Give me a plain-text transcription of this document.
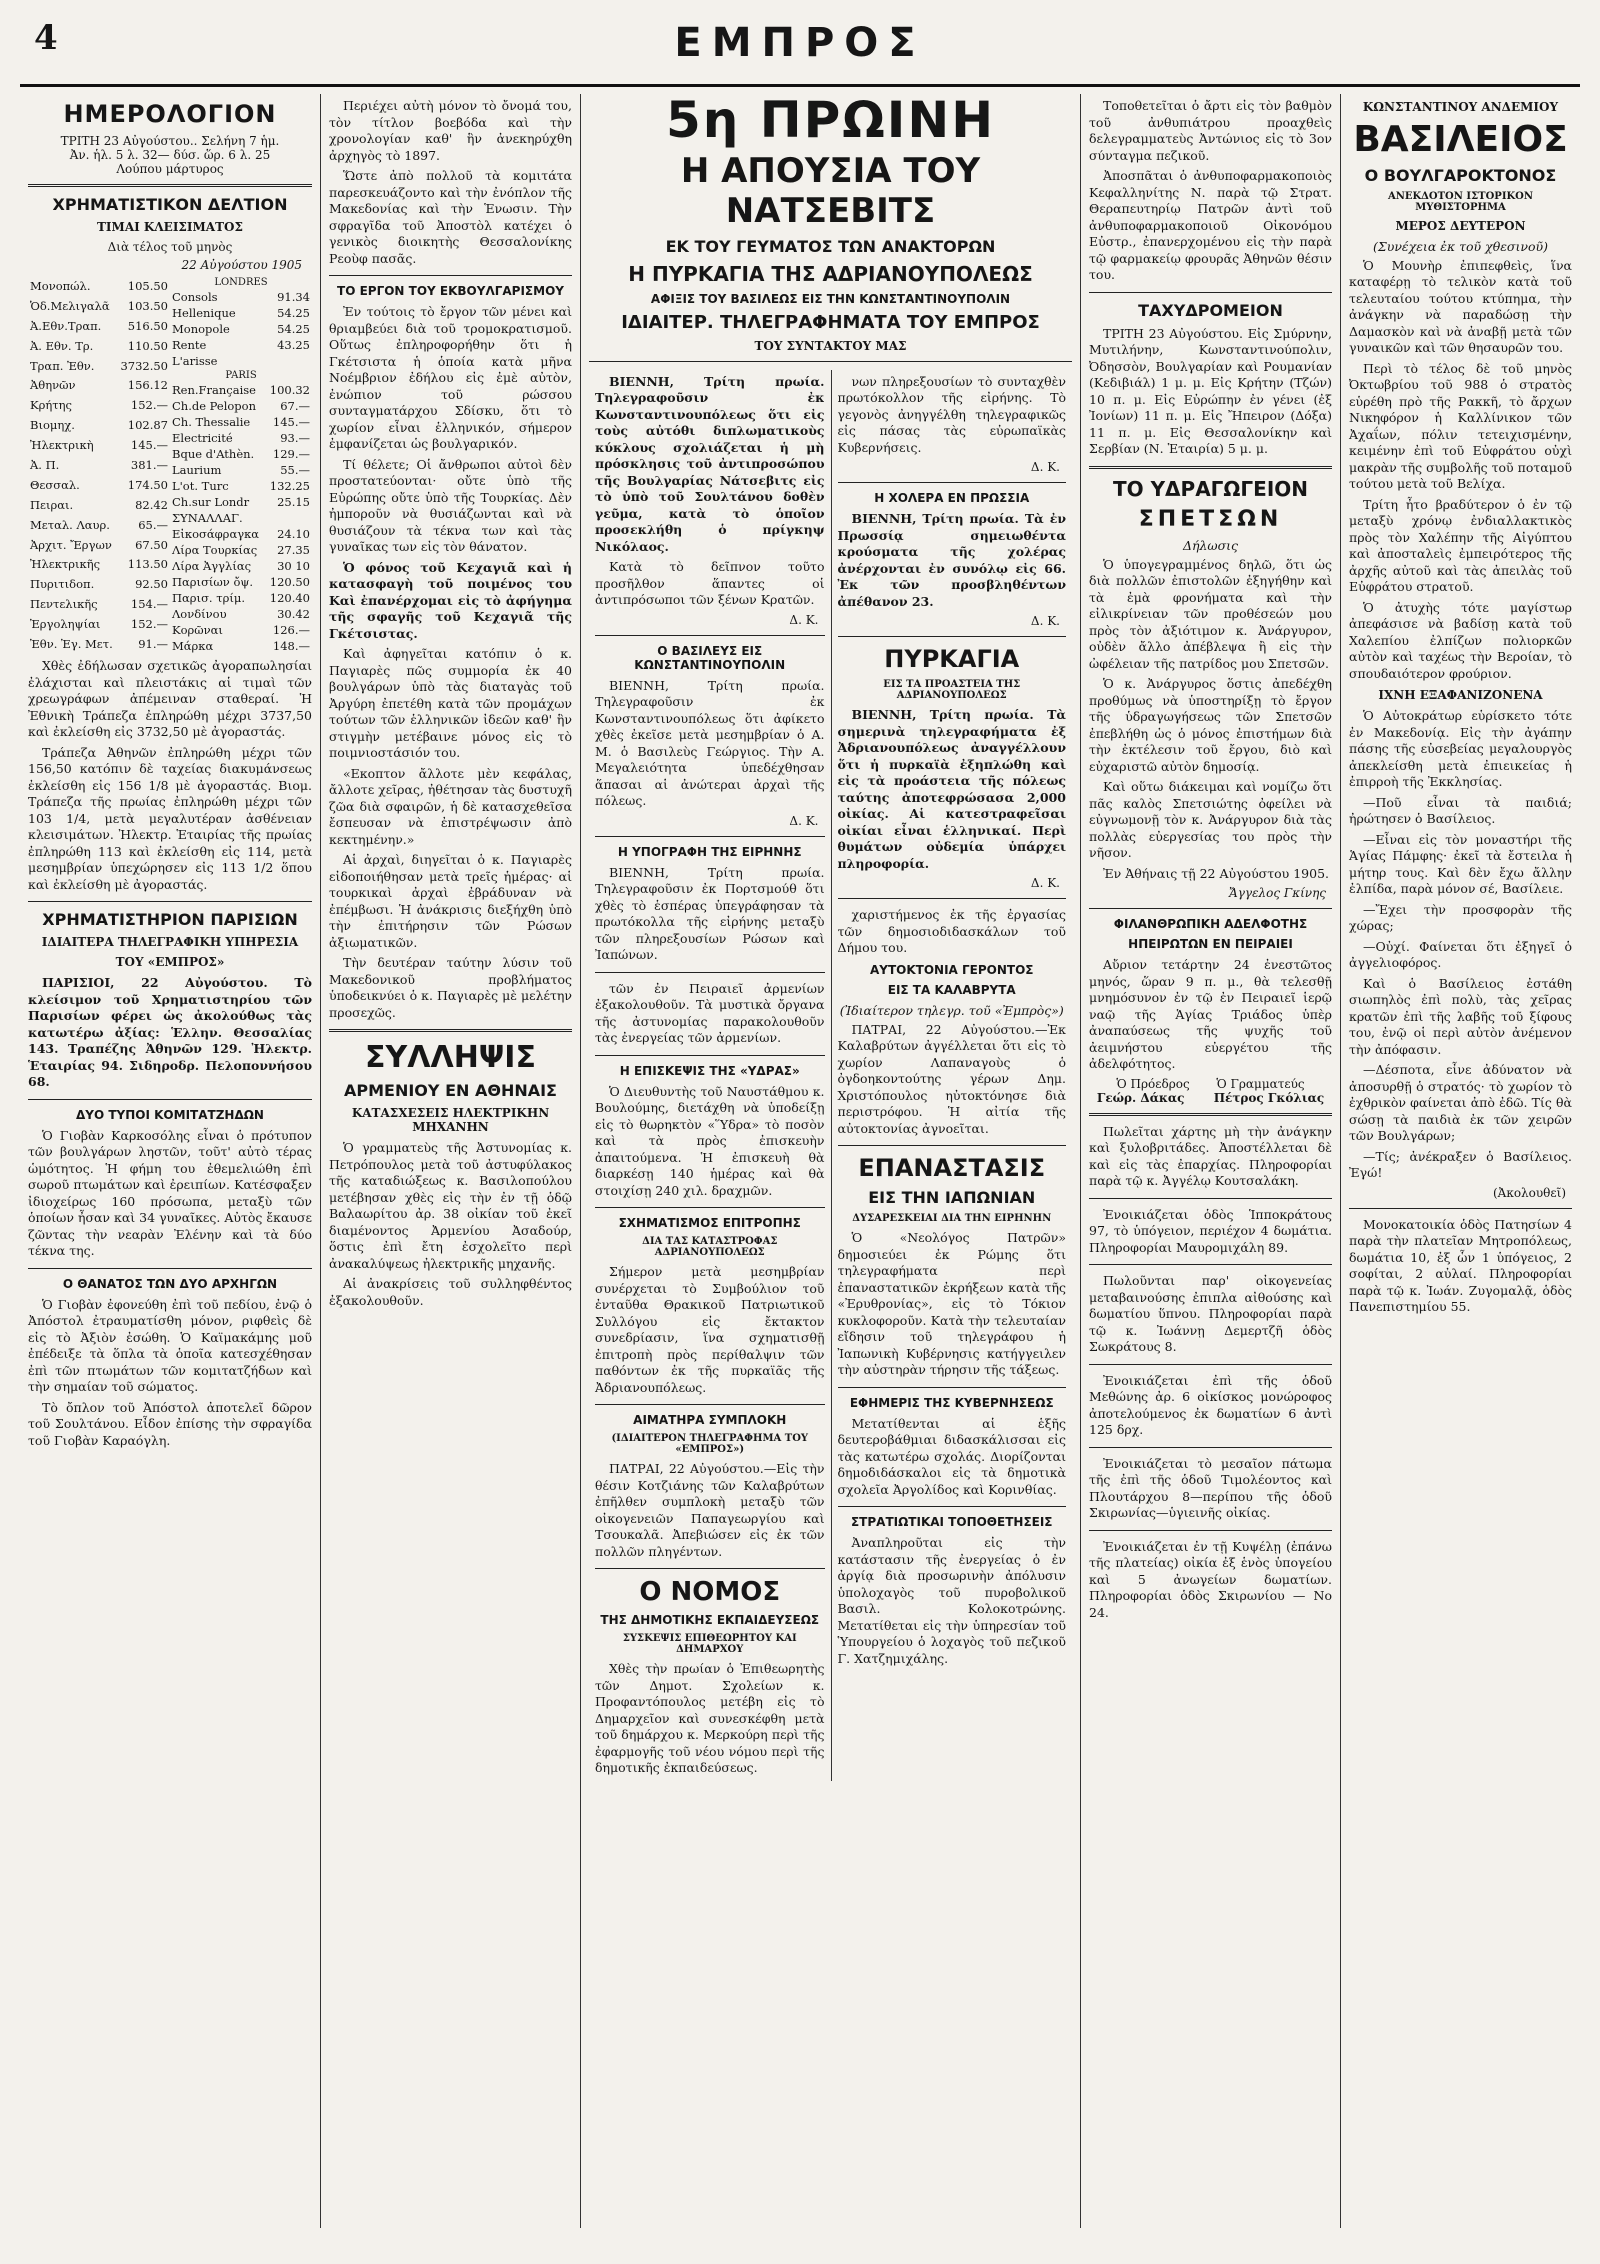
4	ΕΜΠΡΟΣ
ΗΜΕΡΟΛΟΓΙΟΝ
ΤΡΙΤΗ 23 Αὐγούστου.. Σελήνη 7 ἡμ.
Ἀν. ἡλ. 5 λ. 32— δύσ. ὥρ. 6 λ. 25
Λούπου μάρτυρος
ΧΡΗΜΑΤΙΣΤΙΚΟΝ ΔΕΛΤΙΟΝ
ΤΙΜΑΙ ΚΛΕΙΣΙΜΑΤΟΣ
Διὰ τέλος τοῦ μηνὸς
22 Αὐγούστου 1905
Μονοπώλ.	105.50
Ὁδ.Μελιγαλᾶ	103.50
Ἀ.Εθν.Τραπ.	516.50
Ἀ. Εθν. Τρ.	110.50
Τραπ. Ἐθν.	3732.50
Ἀθηνῶν	156.12
Κρήτης	152.—
Βιομηχ.	102.87
Ἠλεκτρικὴ	145.—
Ἀ. Π.	381.—
Θεσσαλ.	174.50
Πειραι.	82.42
Μεταλ. Λαυρ.	65.—
Ἀρχιτ. Ἔργων	67.50
Ἠλεκτρικῆς	113.50
Πυριτιδοπ.	92.50
Πεντελικῆς	154.—
Ἐργοληψίαι	152.—
Ἐθν. Ἐγ. Μετ.	91.—
LONDRES	
Consols	91.34
Hellenique	54.25
Monopole	54.25
Rente	43.25
L'arisse	
PARIS	
Ren.Française	100.32
Ch.de Pelopon	67.—
Ch. Thessalie	145.—
Electricité	93.—
Bque d'Athèn.	129.—
Laurium	55.—
L'ot. Turc	132.25
Ch.sur Londr	25.15
ΣΥΝΑΛΛΑΓ.	
Εἰκοσάφραγκα	24.10
Λίρα Τουρκίας	27.35
Λίρα Ἀγγλίας	30 10
Παρισίων ὄψ.	120.50
Παρισ. τρίμ.	120.40
Λονδίνου	30.42
Κορῶναι	126.—
Μάρκα	148.—
Χθὲς ἐδήλωσαν σχετικῶς ἀγοραπωλησίαι ἐλάχισται καὶ πλειστάκις αἱ τιμαὶ τῶν χρεωγράφων ἀπέμειναν σταθεραί. Ἡ Ἐθνικὴ Τράπεζα ἐπληρώθη μέχρι 3737,50 καὶ ἐκλείσθη εἰς 3732,50 μὲ ἀγοραστάς.
Τράπεζα Ἀθηνῶν ἐπληρώθη μέχρι τῶν 156,50 κατόπιν δὲ ταχείας διακυμάνσεως ἐκλείσθη εἰς 156 1/8 μὲ ἀγοραστάς. Βιομ. Τράπεζα τῆς πρωίας ἐπληρώθη μέχρι τῶν 103 1/4, μετὰ μεγαλυτέραν ἀσθένειαν κλεισιμάτων. Ἠλεκτρ. Ἑταιρίας τῆς πρωίας ἐπληρώθη 113 καὶ ἐκλείσθη εἰς 114, μετὰ μεσημβρίαν ὑπεχώρησεν εἰς 113 1/2 ὅπου καὶ ἐκλείσθη μὲ ἀγοραστάς.
ΧΡΗΜΑΤΙΣΤΗΡΙΟΝ ΠΑΡΙΣΙΩΝ
ΙΔΙΑΙΤΕΡΑ ΤΗΛΕΓΡΑΦΙΚΗ ΥΠΗΡΕΣΙΑ
ΤΟΥ «ΕΜΠΡΟΣ»
ΠΑΡΙΣΙΟΙ, 22 Αὐγούστου. Τὸ κλείσιμον τοῦ Χρηματιστηρίου τῶν Παρισίων φέρει ὡς ἀκολούθως τὰς κατωτέρω ἀξίας: Ἑλλην. Θεσσαλίας 143. Τραπέζης Ἀθηνῶν 129. Ἠλεκτρ. Ἑταιρίας 94. Σιδηροδρ. Πελοποννήσου 68.
ΔΥΟ ΤΥΠΟΙ ΚΟΜΙΤΑΤΖΗΔΩΝ
Ὁ Γιοβὰν Καρκοσόλης εἶναι ὁ πρότυπον τῶν βουλγάρων ληστῶν, τοῦτ' αὐτὸ τέρας ὡμότητος. Ἡ φήμη του ἐθεμελιώθη ἐπὶ σωροῦ πτωμάτων καὶ ἐρειπίων. Κατέσφαξεν ἰδιοχείρως 160 πρόσωπα, μεταξὺ τῶν ὁποίων ἦσαν καὶ 34 γυναῖκες. Αὐτὸς ἔκαυσε ζῶντας τὴν νεαρὰν Ἐλένην καὶ τὰ δύο τέκνα της.
Ο ΘΑΝΑΤΟΣ ΤΩΝ ΔΥΟ ΑΡΧΗΓΩΝ
Ὁ Γιοβὰν ἐφονεύθη ἐπὶ τοῦ πεδίου, ἐνῷ ὁ Ἀπόστολ ἐτραυματίσθη μόνον, ριφθεὶς δὲ εἰς τὸ Ἀξιὸν ἐσώθη. Ὁ Καϊμακάμης μοῦ ἐπέδειξε τὰ ὅπλα τὰ ὁποῖα κατεσχέθησαν ἐπὶ τῶν πτωμάτων τῶν κομιτατζήδων καὶ τὴν σημαίαν τοῦ σώματος.
Τὸ ὄπλον τοῦ Ἀπόστολ ἀποτελεῖ δῶρον τοῦ Σουλτάνου. Εἶδον ἐπίσης τὴν σφραγίδα τοῦ Γιοβὰν Καραόγλη.
Περιέχει αὐτὴ μόνον τὸ ὄνομά του, τὸν τίτλον βοεβόδα καὶ τὴν χρονολογίαν καθ' ἣν ἀνεκηρύχθη ἀρχηγὸς τὸ 1897.
Ὥστε ἀπὸ πολλοῦ τὰ κομιτάτα παρεσκευάζοντο καὶ τὴν ἐνόπλον τῆς Μακεδονίας καὶ τὴν Ἑνωσιν. Τὴν σφραγῖδα τοῦ Ἀποστὸλ κατέχει ὁ γενικὸς διοικητὴς Θεσσαλονίκης Ρεοὺφ πασᾶς.
ΤΟ ΕΡΓΟΝ ΤΟΥ ΕΚΒΟΥΛΓΑΡΙΣΜΟΥ
Ἐν τούτοις τὸ ἔργον τῶν μένει καὶ θριαμβεύει διὰ τοῦ τρομοκρατισμοῦ. Οὕτως ἐπληροφορήθην ὅτι ἡ Γκέτσιστα ἡ ὁποία κατὰ μῆνα Νοέμβριον ἐδήλου εἰς ἐμὲ αὐτὸν, ἐνώπιον τοῦ ρώσσου συνταγματάρχου Σδίσκυ, ὅτι τὸ χωρίον εἶναι ἑλληνικόν, σήμερον ἐμφανίζεται ὡς βουλγαρικόν.
Τί θέλετε; Οἱ ἄνθρωποι αὐτοὶ δὲν προστατεύονται· οὔτε ὑπὸ τῆς Εὐρώπης οὔτε ὑπὸ τῆς Τουρκίας. Δὲν ἠμποροῦν νὰ θυσιάζωνται καὶ νὰ θυσιάζουν τὰ τέκνα των καὶ τὰς γυναῖκας των εἰς τὸν θάνατον.
Ὁ φόνος τοῦ Κεχαγιᾶ καὶ ἡ κατασφαγὴ τοῦ ποιμένος του Καὶ ἐπανέρχομαι εἰς τὸ ἀφήγημα τῆς σφαγῆς τοῦ Κεχαγιᾶ τῆς Γκέτσιστας.
Καὶ ἀφηγεῖται κατόπιν ὁ κ. Παγιαρὲς πῶς συμμορία ἐκ 40 βουλγάρων ὑπὸ τὰς διαταγὰς τοῦ Ἀργύρη ἐπετέθη κατὰ τῶν προμάχων τούτων τῶν ἑλληνικῶν ἰδεῶν καθ' ἣν στιγμὴν μετέβαινε μόνος εἰς τὸ ποιμνιοστάσιόν του.
«Εκοπτον ἄλλοτε μὲν κεφάλας, ἄλλοτε χεῖρας, ἠθέτησαν τὰς δυστυχῆ ζῶα διὰ σφαιρῶν, ἡ δὲ κατασχεθεῖσα ἔσπευσαν νὰ ἐπιστρέψωσιν ἀπὸ κεκτημένην.»
Αἱ ἀρχαὶ, διηγεῖται ὁ κ. Παγιαρὲς εἰδοποιήθησαν μετὰ τρεῖς ἡμέρας· αἱ τουρκικαὶ ἀρχαὶ ἐβράδυναν νὰ ἐπέμβωσι. Ἡ ἀνάκρισις διεξήχθη ὑπὸ τὴν ἐπιτήρησιν τῶν Ρώσων ἀξιωματικῶν.
Τὴν δευτέραν ταύτην λύσιν τοῦ Μακεδονικοῦ προβλήματος ὑποδεικνύει ὁ κ. Παγιαρὲς μὲ μελέτην προσεχῶς.
ΣΥΛΛΗΨΙΣ
ΑΡΜΕΝΙΟΥ ΕΝ ΑΘΗΝΑΙΣ
ΚΑΤΑΣΧΕΣΕΙΣ ΗΛΕΚΤΡΙΚΗΝ ΜΗΧΑΝΗΝ
Ὁ γραμματεὺς τῆς Ἀστυνομίας κ. Πετρόπουλος μετὰ τοῦ ἀστυφύλακος τῆς καταδιώξεως κ. Βασιλοπούλου μετέβησαν χθὲς εἰς τὴν ἐν τῇ ὁδῷ Βαλαωρίτου ἀρ. 38 οἰκίαν τοῦ ἐκεῖ διαμένοντος Ἀρμενίου Ἀσαδούρ, ὅστις ἐπὶ ἔτη ἐσχολεῖτο περὶ ἀνακαλύψεως ἠλεκτρικῆς μηχανῆς.
Αἱ ἀνακρίσεις τοῦ συλληφθέντος ἐξακολουθοῦν.
5η ΠΡΩΙΝΗ
Η ΑΠΟΥΣΙΑ ΤΟΥ ΝΑΤΣΕΒΙΤΣ
ΕΚ ΤΟΥ ΓΕΥΜΑΤΟΣ ΤΩΝ ΑΝΑΚΤΟΡΩΝ
Η ΠΥΡΚΑΓΙΑ ΤΗΣ ΑΔΡΙΑΝΟΥΠΟΛΕΩΣ
ΑΦΙΞΙΣ ΤΟΥ ΒΑΣΙΛΕΩΣ ΕΙΣ ΤΗΝ ΚΩΝΣΤΑΝΤΙΝΟΥΠΟΛΙΝ
ΙΔΙΑΙΤΕΡ. ΤΗΛΕΓΡΑΦΗΜΑΤΑ ΤΟΥ ΕΜΠΡΟΣ
ΤΟΥ ΣΥΝΤΑΚΤΟΥ ΜΑΣ
ΒΙΕΝΝΗ, Τρίτη πρωία. Τηλεγραφοῦσιν ἐκ Κωνσταντινουπόλεως ὅτι εἰς τοὺς αὐτόθι διπλωματικοὺς κύκλους σχολιάζεται ἡ μὴ πρόσκλησις τοῦ ἀντιπροσώπου τῆς Βουλγαρίας Νάτσεβιτς εἰς τὸ ὑπὸ τοῦ Σουλτάνου δοθὲν γεῦμα, κατὰ τὸ ὁποῖον προσεκλήθη ὁ πρίγκηψ Νικόλαος.
Κατὰ τὸ δεῖπνον τοῦτο προσῆλθον ἅπαντες οἱ ἀντιπρόσωποι τῶν ξένων Κρατῶν.
Δ. Κ.
Ο ΒΑΣΙΛΕΥΣ ΕΙΣ ΚΩΝΣΤΑΝΤΙΝΟΥΠΟΛΙΝ
ΒΙΕΝΝΗ, Τρίτη πρωία. Τηλεγραφοῦσιν ἐκ Κωνσταντινουπόλεως ὅτι ἀφίκετο χθὲς ἐκεῖσε μετὰ μεσημβρίαν ὁ Α. Μ. ὁ Βασιλεὺς Γεώργιος. Τὴν Α. Μεγαλειότητα ὑπεδέχθησαν ἅπασαι αἱ ἀνώτεραι ἀρχαὶ τῆς πόλεως.
Δ. Κ.
Η ΥΠΟΓΡΑΦΗ ΤΗΣ ΕΙΡΗΝΗΣ
ΒΙΕΝΝΗ, Τρίτη πρωία. Τηλεγραφοῦσιν ἐκ Πορτσμούθ ὅτι χθὲς τὸ ἑσπέρας ὑπεγράφησαν τὰ πρωτόκολλα τῆς εἰρήνης μεταξὺ τῶν πληρεξουσίων Ρώσων καὶ Ἰαπώνων.
τῶν ἐν Πειραιεῖ ἀρμενίων ἐξακολουθοῦν. Τὰ μυστικὰ ὄργανα τῆς ἀστυνομίας παρακολουθοῦν τὰς ἐνεργείας τῶν ἀρμενίων.
Η ΕΠΙΣΚΕΨΙΣ ΤΗΣ «ΥΔΡΑΣ»
Ὁ Διευθυντὴς τοῦ Ναυστάθμου κ. Βουλούμης, διετάχθη νὰ ὑποδείξῃ εἰς τὸ θωρηκτὸν «Ὕδρα» τὸ ποσὸν καὶ τὰ πρὸς ἐπισκευὴν ἀπαιτούμενα. Ἡ ἐπισκευὴ θὰ διαρκέσῃ 140 ἡμέρας καὶ θὰ στοιχίσῃ 240 χιλ. δραχμῶν.
ΣΧΗΜΑΤΙΣΜΟΣ ΕΠΙΤΡΟΠΗΣ
ΔΙΑ ΤΑΣ ΚΑΤΑΣΤΡΟΦΑΣ ΑΔΡΙΑΝΟΥΠΟΛΕΩΣ
Σήμερον μετὰ μεσημβρίαν συνέρχεται τὸ Συμβούλιον τοῦ ἐνταῦθα Θρακικοῦ Πατριωτικοῦ Συλλόγου εἰς ἔκτακτον συνεδρίασιν, ἵνα σχηματισθῇ ἐπιτροπὴ πρὸς περίθαλψιν τῶν παθόντων ἐκ τῆς πυρκαϊᾶς τῆς Ἀδριανουπόλεως.
ΑΙΜΑΤΗΡΑ ΣΥΜΠΛΟΚΗ
(ΙΔΙΑΙΤΕΡΟΝ ΤΗΛΕΓΡΑΦΗΜΑ ΤΟΥ «ΕΜΠΡΟΣ»)
ΠΑΤΡΑΙ, 22 Αὐγούστου.—Εἰς τὴν θέσιν Κοτζιάνης τῶν Καλαβρύτων ἐπῆλθεν συμπλοκὴ μεταξὺ τῶν οἰκογενειῶν Παπαγεωργίου καὶ Τσουκαλᾶ. Ἀπεβιώσεν εἰς ἐκ τῶν πολλῶν πληγέντων.
Ο ΝΟΜΟΣ
ΤΗΣ ΔΗΜΟΤΙΚΗΣ ΕΚΠΑΙΔΕΥΣΕΩΣ
ΣΥΣΚΕΨΙΣ ΕΠΙΘΕΩΡΗΤΟΥ ΚΑΙ ΔΗΜΑΡΧΟΥ
Χθὲς τὴν πρωίαν ὁ Ἐπιθεωρητὴς τῶν Δημοτ. Σχολείων κ. Προφαντόπουλος μετέβη εἰς τὸ Δημαρχεῖον καὶ συνεσκέφθη μετὰ τοῦ δημάρχου κ. Μερκούρη περὶ τῆς ἐφαρμογῆς τοῦ νέου νόμου περὶ τῆς δημοτικῆς ἐκπαιδεύσεως.
νων πληρεξουσίων τὸ συνταχθὲν πρωτόκολλον τῆς εἰρήνης. Τὸ γεγονὸς ἀνηγγέλθη τηλεγραφικῶς εἰς πάσας τὰς εὐρωπαϊκὰς Κυβερνήσεις.
Δ. Κ.
Η ΧΟΛΕΡΑ ΕΝ ΠΡΩΣΣΙΑ
ΒΙΕΝΝΗ, Τρίτη πρωία. Τὰ ἐν Πρωσσίᾳ σημειωθέντα κρούσματα τῆς χολέρας ἀνέρχονται ἐν συνόλῳ εἰς 66. Ἐκ τῶν προσβληθέντων ἀπέθανον 23.
Δ. Κ.
ΠΥΡΚΑΓΙΑ
ΕΙΣ ΤΑ ΠΡΟΑΣΤΕΙΑ ΤΗΣ ΑΔΡΙΑΝΟΥΠΟΛΕΩΣ
ΒΙΕΝΝΗ, Τρίτη πρωία. Τὰ σημερινὰ τηλεγραφήματα ἐξ Ἀδριανουπόλεως ἀναγγέλλουν ὅτι ἡ πυρκαϊὰ ἐξηπλώθη καὶ εἰς τὰ προάστεια τῆς πόλεως ταύτης ἀποτεφρώσασα 2,000 οἰκίας. Αἱ κατεστραφεῖσαι οἰκίαι εἶναι ἑλληνικαί. Περὶ θυμάτων οὐδεμία ὑπάρχει πληροφορία.
Δ. Κ.
χαριστήμενος ἐκ τῆς ἐργασίας τῶν δημοσιοδιδασκάλων τοῦ Δήμου του.
ΑΥΤΟΚΤΟΝΙΑ ΓΕΡΟΝΤΟΣ
ΕΙΣ ΤΑ ΚΑΛΑΒΡΥΤΑ
(Ἰδιαίτερον τηλεγρ. τοῦ «Ἐμπρὸς»)
ΠΑΤΡΑΙ, 22 Αὐγούστου.—Ἐκ Καλαβρύτων ἀγγέλλεται ὅτι εἰς τὸ χωρίον Λαπαναγοὺς ὁ ὀγδοηκοντούτης γέρων Δημ. Χριστόπουλος ηὐτοκτόνησε διὰ περιστρόφου. Ἡ αἰτία τῆς αὐτοκτονίας ἀγνοεῖται.
ΕΠΑΝΑΣΤΑΣΙΣ
ΕΙΣ ΤΗΝ ΙΑΠΩΝΙΑΝ
ΔΥΣΑΡΕΣΚΕΙΑΙ ΔΙΑ ΤΗΝ ΕΙΡΗΝΗΝ
Ὁ «Νεολόγος Πατρῶν» δημοσιεύει ἐκ Ρώμης ὅτι τηλεγραφήματα περὶ ἐπαναστατικῶν ἐκρήξεων κατὰ τῆς «Ἐρυθρονίας», εἰς τὸ Τόκιον κυκλοφοροῦν. Κατὰ τὴν τελευταίαν εἴδησιν τοῦ τηλεγράφου ἡ Ἰαπωνικὴ Κυβέρνησις κατήγγειλεν τὴν αὐστηρὰν τήρησιν τῆς τάξεως.
ΕΦΗΜΕΡΙΣ ΤΗΣ ΚΥΒΕΡΝΗΣΕΩΣ
Μετατίθενται αἱ ἑξῆς δευτεροβάθμιαι διδασκάλισσαι εἰς τὰς κατωτέρω σχολάς. Διορίζονται δημοδιδάσκαλοι εἰς τὰ δημοτικὰ σχολεῖα Ἀργολίδος καὶ Κορινθίας.
ΣΤΡΑΤΙΩΤΙΚΑΙ ΤΟΠΟΘΕΤΗΣΕΙΣ
Ἀναπληροῦται εἰς τὴν κατάστασιν τῆς ἐνεργείας ὁ ἐν ἀργίᾳ διὰ προσωρινὴν ἀπόλυσιν ὑπολοχαγὸς τοῦ πυροβολικοῦ Βασιλ. Κολοκοτρώνης. Μετατίθεται εἰς τὴν ὑπηρεσίαν τοῦ Ὑπουργείου ὁ λοχαγὸς τοῦ πεζικοῦ Γ. Χατζημιχάλης.
Τοποθετεῖται ὁ ἄρτι εἰς τὸν βαθμὸν τοῦ ἀνθυπιάτρου προαχθεὶς δελεγραμματεὺς Ἀντώνιος εἰς τὸ 3ον σύνταγμα πεζικοῦ.
Ἀποσπᾶται ὁ ἀνθυποφαρμακοποιὸς Κεφαλληνίτης Ν. παρὰ τῷ Στρατ. Θεραπευτηρίῳ Πατρῶν ἀντὶ τοῦ ἀνθυποφαρμακοποιοῦ Οἰκονόμου Εὐστρ., ἐπανερχομένου εἰς τὴν παρὰ τῷ φαρμακείῳ φρουρᾶς Ἀθηνῶν θέσιν του.
ΤΑΧΥΔΡΟΜΕΙΟΝ
ΤΡΙΤΗ 23 Αὐγούστου. Εἰς Σμύρνην, Μυτιλήνην, Κωνσταντινούπολιν, Ὀδησσὸν, Βουλγαρίαν καὶ Ρουμανίαν (Κεδιβιάλ) 1 μ. μ. Εἰς Κρήτην (Τζών) 10 π. μ. Εἰς Εὐρώπην ἐν γένει (ἐξ Ἰονίων) 11 π. μ. Εἰς Ἤπειρον (Δόξα) 11 π. μ. Εἰς Θεσσαλονίκην καὶ Σερβίαν (Ν. Ἑταιρία) 5 μ. μ.
ΤΟ ΥΔΡΑΓΩΓΕΙΟΝ
ΣΠΕΤΣΩΝ
Δήλωσις
Ὁ ὑπογεγραμμένος δηλῶ, ὅτι ὡς διὰ πολλῶν ἐπιστολῶν ἐξηγήθην καὶ τὰ ἐμὰ φρονήματα καὶ τὴν εἰλικρίνειαν τῶν προθέσεών μου πρὸς τὸν ἀξιότιμον κ. Ἀνάργυρον, οὐδὲν ἄλλο ἀπέβλεψα ἢ εἰς τὴν ὠφέλειαν τῆς πατρίδος μου Σπετσῶν.
Ὁ κ. Ἀνάργυρος ὅστις ἀπεδέχθη προθύμως νὰ ὑποστηρίξῃ τὸ ἔργον τῆς ὑδραγωγήσεως τῶν Σπετσῶν ἐπεβλήθη ὡς ὁ μόνος ἐπιστήμων διὰ τὴν ἐκτέλεσιν τοῦ ἔργου, διὸ καὶ εὐχαριστῶ αὐτὸν δημοσίᾳ.
Καὶ οὕτω διάκειμαι καὶ νομίζω ὅτι πᾶς καλὸς Σπετσιώτης ὀφείλει νὰ εὐγνωμονῇ τὸν κ. Ἀνάργυρον διὰ τὰς πολλὰς εὐεργεσίας του πρὸς τὴν νῆσον.
Ἐν Ἀθήναις τῇ 22 Αὐγούστου 1905.
Ἄγγελος Γκίνης
ΦΙΛΑΝΘΡΩΠΙΚΗ ΑΔΕΛΦΟΤΗΣ
ΗΠΕΙΡΩΤΩΝ ΕΝ ΠΕΙΡΑΙΕΙ
Αὔριον τετάρτην 24 ἐνεστῶτος μηνός, ὥραν 9 π. μ., θὰ τελεσθῇ μνημόσυνον ἐν τῷ ἐν Πειραιεῖ ἱερῷ ναῷ τῆς Ἁγίας Τριάδος ὑπὲρ ἀναπαύσεως τῆς ψυχῆς τοῦ ἀειμνήστου εὐεργέτου τῆς ἀδελφότητος.
Ὁ Πρόεδρος       Ὁ Γραμματεύς
Γεώρ. Δάκας       Πέτρος Γκόλιας
Πωλεῖται χάρτης μὴ τὴν ἀνάγκην καὶ ξυλοβριτάδες. Ἀποστέλλεται δὲ καὶ εἰς τὰς ἐπαρχίας. Πληροφορίαι παρὰ τῷ κ. Ἀγγέλῳ Κουτσαλάκη.
Ἐνοικιάζεται ὁδὸς Ἱπποκράτους 97, τὸ ὑπόγειον, περιέχον 4 δωμάτια. Πληροφορίαι Μαυρομιχάλη 89.
Πωλοῦνται παρ' οἰκογενείας μεταβαινούσης ἐπιπλα αἰθούσης καὶ δωματίου ὕπνου. Πληροφορίαι παρὰ τῷ κ. Ἰωάννῃ Δεμερτζῆ ὁδὸς Σωκράτους 8.
Ἐνοικιάζεται ἐπὶ τῆς ὁδοῦ Μεθώνης ἀρ. 6 οἰκίσκος μονώροφος ἀποτελούμενος ἐκ δωματίων 6 ἀντὶ 125 δρχ.
Ἐνοικιάζεται τὸ μεσαῖον πάτωμα τῆς ἐπὶ τῆς ὁδοῦ Τιμολέοντος καὶ Πλουτάρχου 8—περίπου τῆς ὁδοῦ Σκιρωνίας—ὑγιεινῆς οἰκίας.
Ἐνοικιάζεται ἐν τῇ Κυψέλῃ (ἐπάνω τῆς πλατείας) οἰκία ἐξ ἑνὸς ὑπογείου καὶ 5 ἀνωγείων δωματίων. Πληροφορίαι ὁδὸς Σκιρωνίου — Νο 24.
ΚΩΝΣΤΑΝΤΙΝΟΥ ΑΝΔΕΜΙΟΥ
ΒΑΣΙΛΕΙΟΣ
Ο ΒΟΥΛΓΑΡΟΚΤΟΝΟΣ
ΑΝΕΚΔΟΤΟΝ ΙΣΤΟΡΙΚΟΝ ΜΥΘΙΣΤΟΡΗΜΑ
ΜΕΡΟΣ ΔΕΥΤΕΡΟΝ
(Συνέχεια ἐκ τοῦ χθεσινοῦ)
Ὁ Μουνὴρ ἐπιπεφθεὶς, ἵνα καταφέρῃ τὸ τελικὸν κατὰ τοῦ τελευταίου τούτου κτύπημα, τὴν ἀνάγκην νὰ παραδώσῃ τὴν Δαμασκὸν καὶ νὰ ἀναβῇ μετὰ τῶν γυναικῶν καὶ τῶν θησαυρῶν του.
Περὶ τὸ τέλος δὲ τοῦ μηνὸς Ὀκτωβρίου τοῦ 988 ὁ στρατὸς εὑρέθη πρὸ τῆς Ρακκῆ, τὸ ἄρχων Νικηφόρον ἡ Καλλίνικον τῶν Ἀχαΐων, πόλιν τετειχισμένην, κειμένην ἐπὶ τοῦ Εὐφράτου οὐχὶ μακρὰν τῆς συμβολῆς τοῦ ποταμοῦ τούτου μετὰ τοῦ Βελίχα.
Τρίτη ἦτο βραδύτερον ὁ ἐν τῷ μεταξὺ χρόνῳ ἐνδιαλλακτικὸς πρὸς τὸν Χαλέπην τῆς Αἰγύπτου καὶ ἀποσταλεὶς ἐμπειρότερος τῆς ἀρχῆς αὐτοῦ καὶ τὰς ἀπειλὰς τοῦ Εὐφράτου στρατοῦ.
Ὁ ἀτυχὴς τότε μαγίστωρ ἀπεφάσισε νὰ βαδίσῃ κατὰ τοῦ Χαλεπίου ἐλπίζων πολιορκῶν αὐτὸν καὶ ταχέως τὴν Βεροίαν, τὸ σπουδαιότερον φρούριον.
ΙΧΝΗ ΕΞΑΦΑΝΙΖΟΝΕΝΑ
Ὁ Αὐτοκράτωρ εὑρίσκετο τότε ἐν Μακεδονίᾳ. Εἰς τὴν ἀγάπην πάσης τῆς εὐσεβείας μεγαλουργὸς ἀπεκλείσθη μετὰ ἐπιεικείας ἡ ἐπιρροὴ τῆς Ἐκκλησίας.
—Ποῦ εἶναι τὰ παιδιά; ἠρώτησεν ὁ Βασίλειος.
—Εἶναι εἰς τὸν μοναστήρι τῆς Ἁγίας Πάμφης· ἐκεῖ τὰ ἔστειλα ἡ μήτηρ τους. Καὶ δὲν ἔχω ἄλλην ἐλπίδα, παρὰ μόνον σέ, Βασίλειε.
—Ἔχει τὴν προσφορὰν τῆς χώρας;
—Οὐχί. Φαίνεται ὅτι ἐξηγεῖ ὁ ἀγγελιοφόρος.
Καὶ ὁ Βασίλειος ἐστάθη σιωπηλὸς ἐπὶ πολὺ, τὰς χεῖρας κρατῶν ἐπὶ τῆς λαβῆς τοῦ ξίφους του, ἐνῷ οἱ περὶ αὐτὸν ἀνέμενον τὴν ἀπόφασιν.
—Δέσποτα, εἶνε ἀδύνατον νὰ ἀποσυρθῇ ὁ στρατός· τὸ χωρίον τὸ ἐχθρικὸν φαίνεται ἀπὸ ἐδῶ. Τίς θὰ σώσῃ τὰ παιδιὰ ἐκ τῶν χειρῶν τῶν Βουλγάρων;
—Τίς; ἀνέκραξεν ὁ Βασίλειος. Ἐγώ!
(Ἀκολουθεῖ)
Μονοκατοικία ὁδὸς Πατησίων 4 παρὰ τὴν πλατεῖαν Μητροπόλεως, δωμάτια 10, ἐξ ὧν 1 ὑπόγειος, 2 σοφίται, 2 αὐλαί. Πληροφορίαι παρὰ τῷ κ. Ἰωάν. Ζυγομαλᾷ, ὁδὸς Πανεπιστημίου 55.
